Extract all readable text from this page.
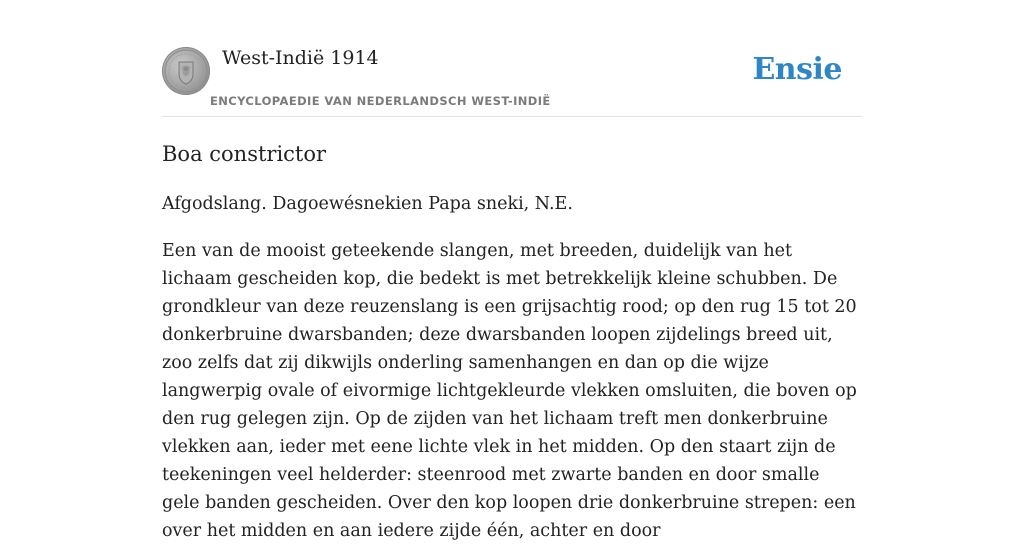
West-Indië 1914
ENCYCLOPAEDIE VAN NEDERLANDSCH WEST-INDIË
Ensie
Boa constrictor

Afgodslang. Dagoewésnekien Papa sneki, N.E.

Een van de mooist geteekende slangen, met breeden, duidelijk van het lichaam gescheiden kop, die bedekt is met betrekkelijk kleine schubben. De grondkleur van deze reuzenslang is een grijsachtig rood; op den rug 15 tot 20 donkerbruine dwarsbanden; deze dwarsbanden loopen zijdelings breed uit, zoo zelfs dat zij dikwijls onderling samenhangen en dan op die wijze langwerpig ovale of eivormige lichtgekleurde vlekken omsluiten, die boven op den rug gelegen zijn. Op de zijden van het lichaam treft men donkerbruine vlekken aan, ieder met eene lichte vlek in het midden. Op den staart zijn de teekeningen veel helderder: steenrood met zwarte banden en door smalle gele banden gescheiden. Over den kop loopen drie donkerbruine strepen: een over het midden en aan iedere zijde één, achter en door
